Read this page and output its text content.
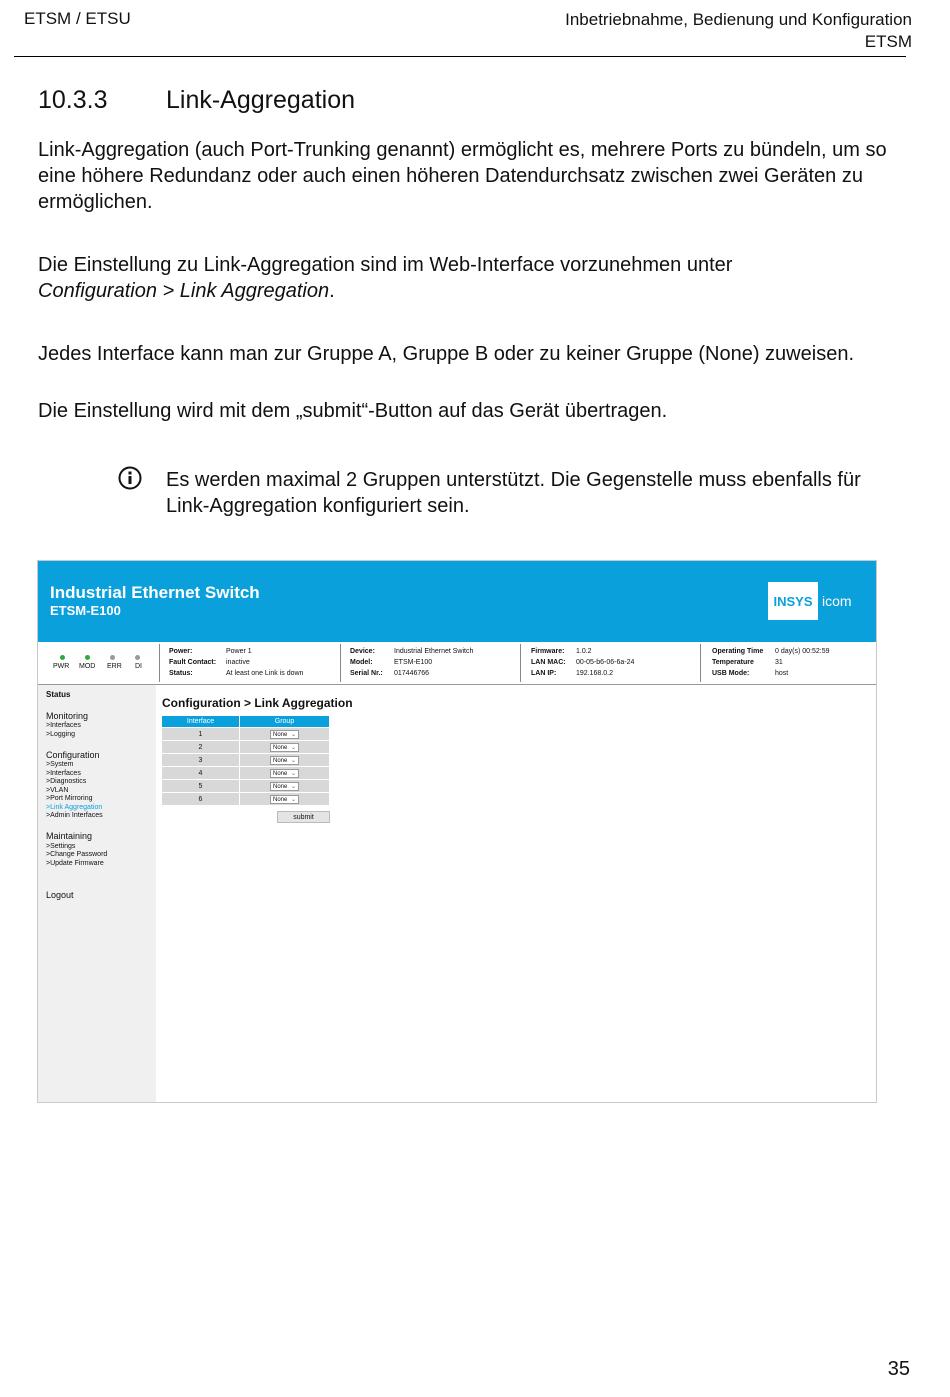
ETSM / ETSU	Inbetriebnahme, Bedienung und Konfiguration
ETSM
10.3.3 Link-Aggregation

Link-Aggregation (auch Port-Trunking genannt) ermöglicht es, mehrere Ports zu bündeln, um so eine höhere Redundanz oder auch einen höheren Datendurchsatz zwischen zwei Geräten zu ermöglichen.

Die Einstellung zu Link-Aggregation sind im Web-Interface vorzunehmen unter
Configuration > Link Aggregation.

Jedes Interface kann man zur Gruppe A, Gruppe B oder zu keiner Gruppe (None) zuweisen.

Die Einstellung wird mit dem „submit“-Button auf das Gerät übertragen.

Es werden maximal 2 Gruppen unterstützt. Die Gegenstelle muss ebenfalls für Link-Aggregation konfiguriert sein.

Industrial Ethernet Switch
ETSM-E100
INSYS icom
PWR MOD ERR DI
Power:	Power 1
Fault Contact: inactive
Status:	At least one Link is down
Device:	Industrial Ethernet Switch
Model:	ETSM-E100
Serial Nr.: 017446766
Firmware: 1.0.2
LAN MAC: 00-05-b6-06-6a-24
LAN IP:	192.168.0.2
Operating Time 0 day(s) 00:52:59
Temperature	31
USB Mode:	host
Status
Monitoring
>Interfaces
>Logging
Configuration
>System
>Interfaces
>Diagnostics
>VLAN
>Port Mirroring
>Link Aggregation
>Admin Interfaces
Maintaining
>Settings
>Change Password
>Update Firmware
Logout
Configuration > Link Aggregation
Interface	Group
1	None ⌄

2	None ⌄

3	None ⌄

4	None ⌄

5	None ⌄

6	None ⌄
submit
35
